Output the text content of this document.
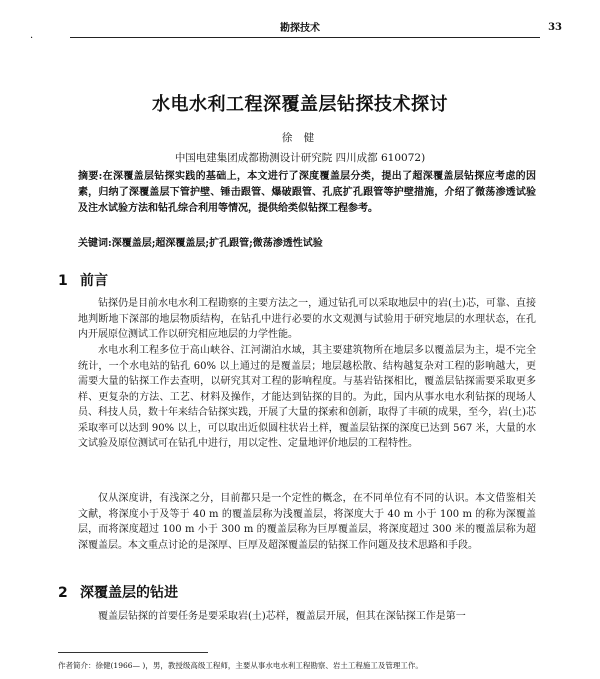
勘探技术	33
·
水电水利工程深覆盖层钻探技术探讨
徐 健
中国电建集团成都勘测设计研究院 四川成都 610072)
摘要:在深覆盖层钻探实践的基础上，本文进行了深度覆盖层分类，提出了超深覆盖层钻探应考虑的因素，归纳了深覆盖层下管护壁、锤击跟管、爆破跟管、孔底扩孔跟管等护壁措施，介绍了微荡渗透试验及注水试验方法和钻孔综合利用等情况，提供给类似钻探工程参考。
关键词:深覆盖层;超深覆盖层;扩孔跟管;微荡渗透性试验
1 前言
钻探仍是目前水电水利工程勘察的主要方法之一，通过钻孔可以采取地层中的岩(土)芯，可靠、直接地判断地下深部的地层物质结构，在钻孔中进行必要的水文观测与试验用于研究地层的水理状态，在孔内开展原位测试工作以研究相应地层的力学性能。
水电水利工程多位于高山峡谷、江河湖泊水域，其主要建筑物所在地层多以覆盖层为主，堤不完全统计，一个水电站的钻孔 60% 以上通过的是覆盖层；地层越松散、结构越复杂对工程的影响越大，更需要大量的钻探工作去查明，以研究其对工程的影响程度。与基岩钻探相比，覆盖层钻探需要采取更多样、更复杂的方法、工艺、材料及操作，才能达到钻探的目的。为此，国内从事水电水利钻探的现场人员、科技人员，数十年来结合钻探实践，开展了大量的探索和创新，取得了丰硕的成果，至今，岩(土)芯采取率可以达到 90% 以上，可以取出近似圆柱状岩土样，覆盖层钻探的深度已达到 567 米，大量的水文试验及原位测试可在钻孔中进行，用以定性、定量地评价地层的工程特性。
仅从深度讲，有浅深之分，目前都只是一个定性的概念，在不同单位有不同的认识。本文借鉴相关文献，将深度小于及等于 40 m 的覆盖层称为浅覆盖层，将深度大于 40 m 小于 100 m 的称为深覆盖层，而将深度超过 100 m 小于 300 m 的覆盖层称为巨厚覆盖层，将深度超过 300 米的覆盖层称为超深覆盖层。本文重点讨论的是深厚、巨厚及超深覆盖层的钻探工作问题及技术思路和手段。
2 深覆盖层的钻进
覆盖层钻探的首要任务是要采取岩(土)芯样，覆盖层开展，但其在深钻探工作是第一
作者简介：徐健(1966— )，男，教授级高级工程师，主要从事水电水利工程勘察、岩土工程施工及管理工作。
